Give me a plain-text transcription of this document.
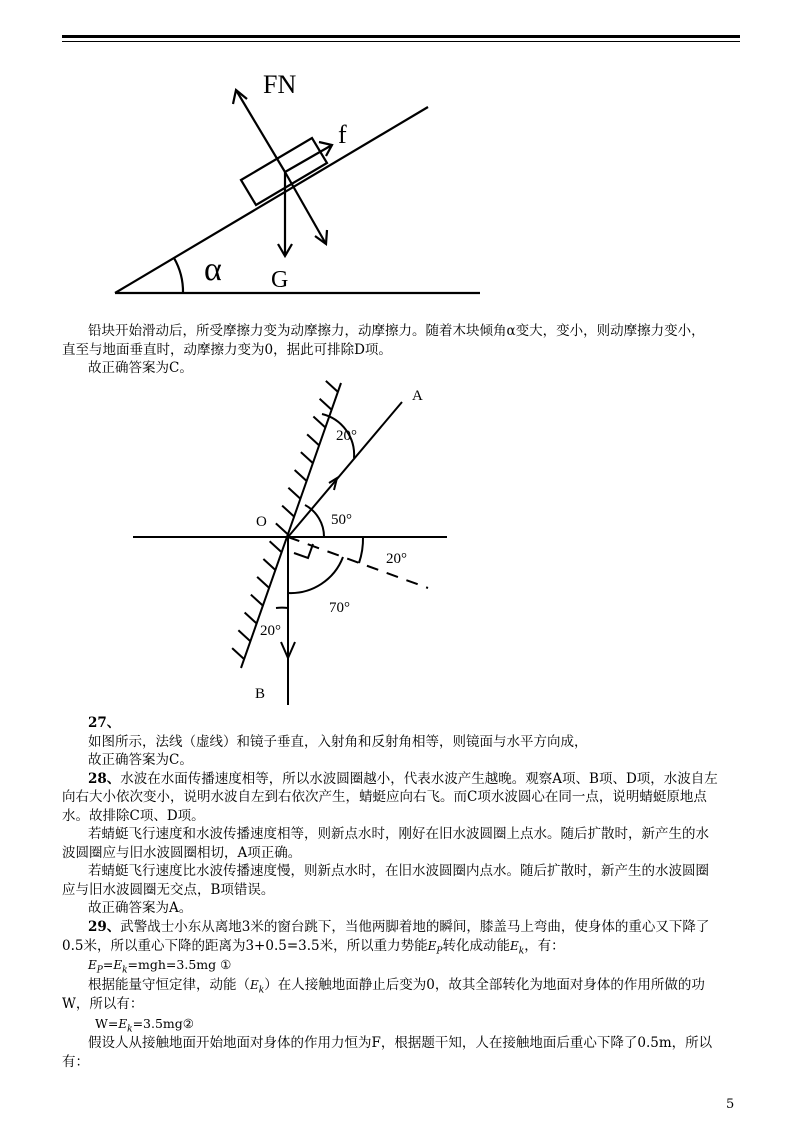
FN
f
α G
A
20°
O	50°
20°
70°
20°
B
铅块开始滑动后，所受摩擦力变为动摩擦力，动摩擦力。随着木块倾角α变大，变小，则动摩擦力变小，
直至与地面垂直时，动摩擦力变为0，据此可排除D项。
故正确答案为C。
27、
如图所示，法线（虚线）和镜子垂直，入射角和反射角相等，则镜面与水平方向成，
故正确答案为C。
28、水波在水面传播速度相等，所以水波圆圈越小，代表水波产生越晚。观察A项、B项、D项，水波自左
向右大小依次变小，说明水波自左到右依次产生，蜻蜓应向右飞。而C项水波圆心在同一点，说明蜻蜓原地点
水。故排除C项、D项。
若蜻蜓飞行速度和水波传播速度相等，则新点水时，刚好在旧水波圆圈上点水。随后扩散时，新产生的水
波圆圈应与旧水波圆圈相切，A项正确。
若蜻蜓飞行速度比水波传播速度慢，则新点水时，在旧水波圆圈内点水。随后扩散时，新产生的水波圆圈
应与旧水波圆圈无交点，B项错误。
故正确答案为A。
29、武警战士小东从离地3米的窗台跳下，当他两脚着地的瞬间，膝盖马上弯曲，使身体的重心又下降了
0.5米，所以重心下降的距离为3+0.5=3.5米，所以重力势能$E_P$转化成动能$E_k$，有：
$E_P=E_k=mgh=3.5mg$ ①
根据能量守恒定律，动能$(E_k)$在人接触地面静止后变为0，故其全部转化为地面对身体的作用所做的功
W，所以有：
$W=E_k=3.5mg②$
假设人从接触地面开始地面对身体的作用力恒为F，根据题干知，人在接触地面后重心下降了0.5m，所以
有：
5
